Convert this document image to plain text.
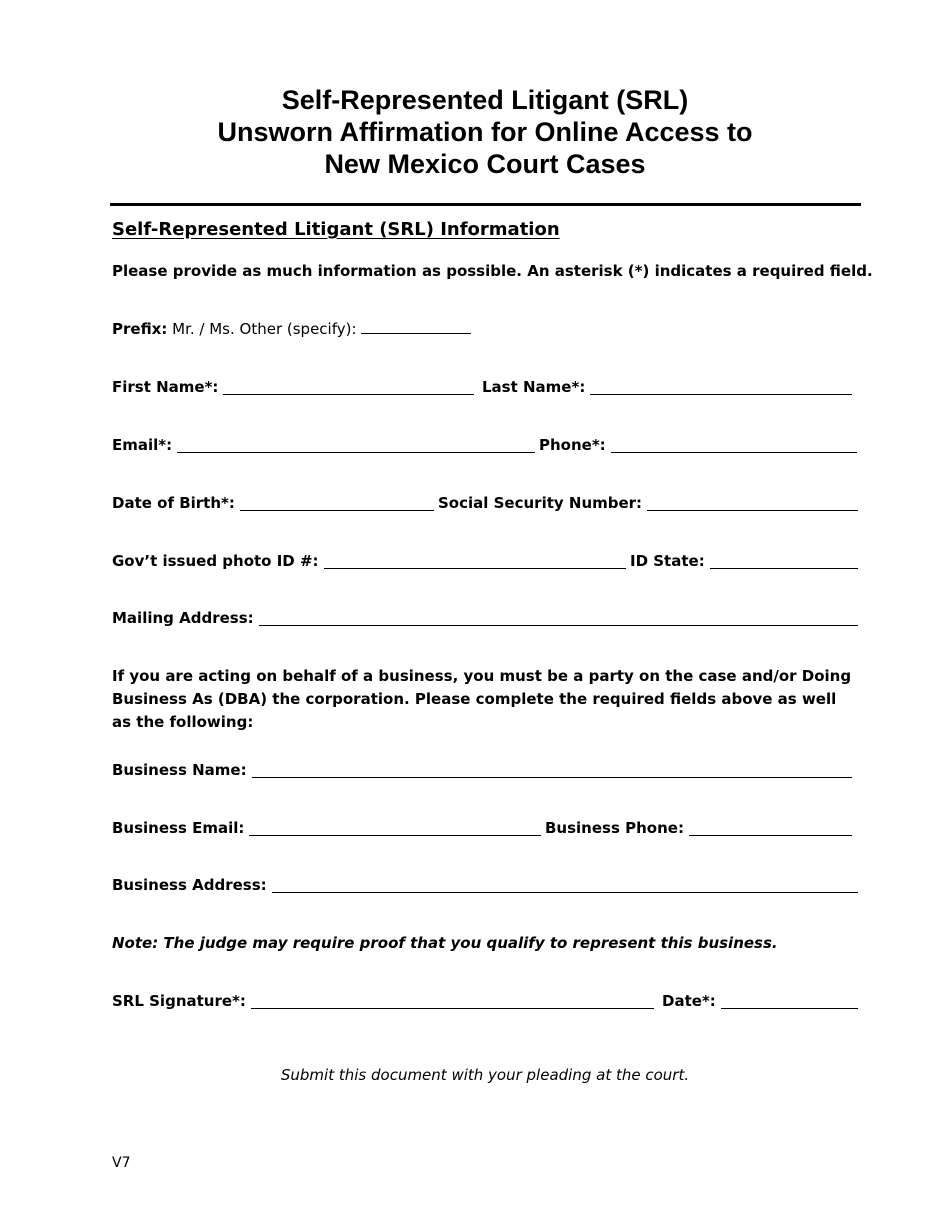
Self-Represented Litigant (SRL)
Unsworn Affirmation for Online Access to
New Mexico Court Cases
Self-Represented Litigant (SRL) Information
Please provide as much information as possible. An asterisk (*) indicates a required field.
Prefix: Mr. / Ms. Other (specify):
First Name*:	Last Name*:
Email*:	Phone*:
Date of Birth*:	Social Security Number:
Gov’t issued photo ID #:	ID State:
Mailing Address:
If you are acting on behalf of a business, you must be a party on the case and/or Doing Business As (DBA) the corporation. Please complete the required fields above as well as the following:
Business Name:
Business Email:	Business Phone:
Business Address:
Note: The judge may require proof that you qualify to represent this business.
SRL Signature*:	Date*:
Submit this document with your pleading at the court.
V7
